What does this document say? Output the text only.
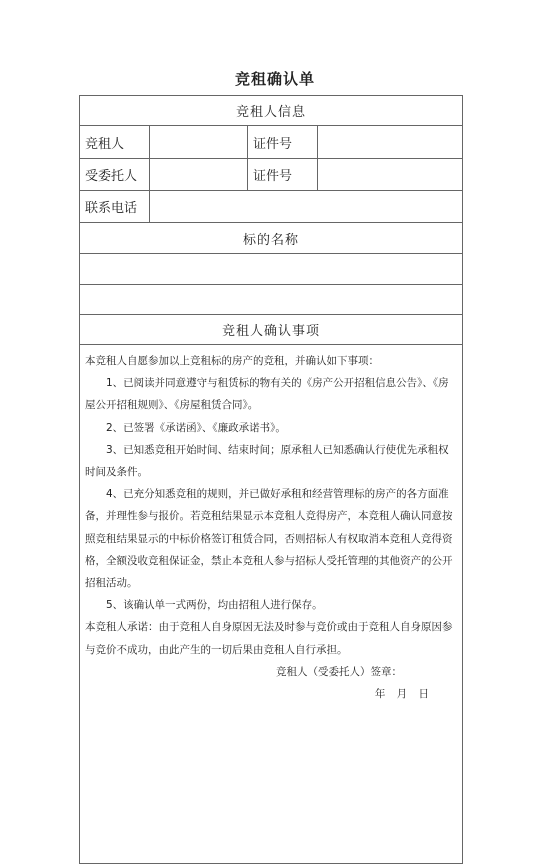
竞租确认单
竞租人信息
竞租人	证件号
受委托人	证件号
联系电话
标的名称
竞租人确认事项

本竞租人自愿参加以上竞租标的房产的竞租，并确认如下事项：

1、已阅读并同意遵守与租赁标的物有关的《房产公开招租信息公告》、《房屋公开招租规则》、《房屋租赁合同》。

2、已签署《承诺函》、《廉政承诺书》。

3、已知悉竞租开始时间、结束时间；原承租人已知悉确认行使优先承租权时间及条件。

4、已充分知悉竞租的规则，并已做好承租和经营管理标的房产的各方面准备，并理性参与报价。若竞租结果显示本竞租人竞得房产，本竞租人确认同意按照竞租结果显示的中标价格签订租赁合同，否则招标人有权取消本竞租人竞得资格，全额没收竞租保证金，禁止本竞租人参与招标人受托管理的其他资产的公开招租活动。

5、该确认单一式两份，均由招租人进行保存。

本竞租人承诺：由于竞租人自身原因无法及时参与竞价或由于竞租人自身原因参与竞价不成功，由此产生的一切后果由竞租人自行承担。

竞租人（受委托人）签章：

年 月 日
